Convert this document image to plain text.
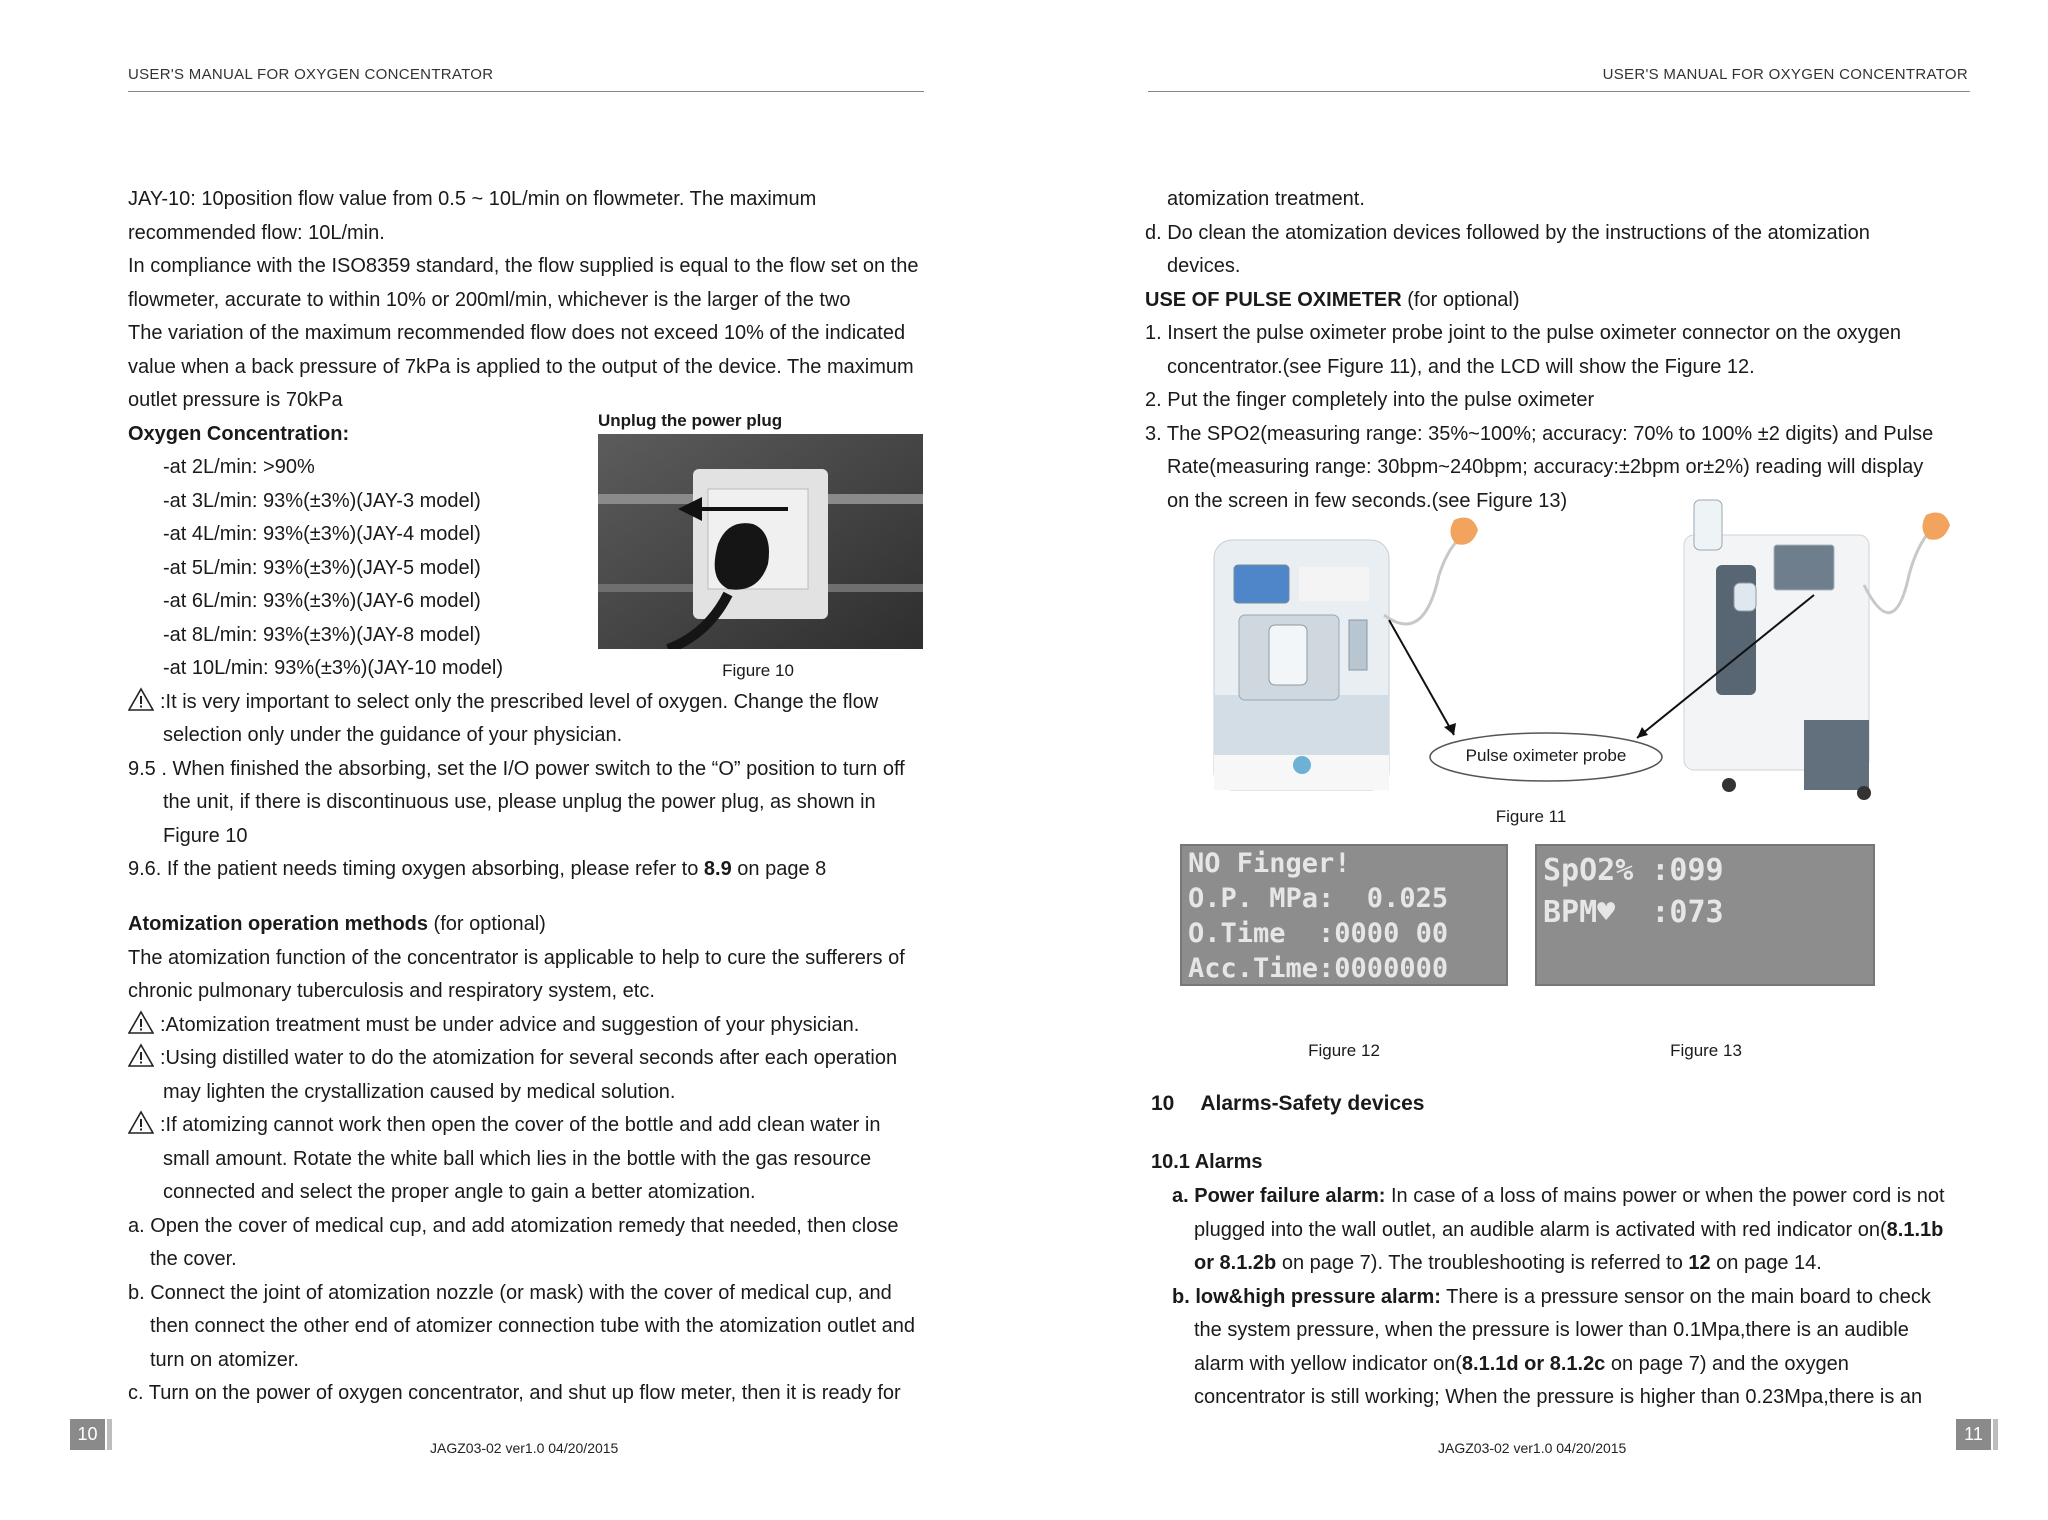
USER'S MANUAL FOR OXYGEN CONCENTRATOR

JAY-10: 10position flow value from 0.5 ~ 10L/min on flowmeter. The maximum

recommended flow: 10L/min.

In compliance with the ISO8359 standard, the flow supplied is equal to the flow set on the

flowmeter, accurate to within 10% or 200ml/min, whichever is the larger of the two

The variation of the maximum recommended flow does not exceed 10% of the indicated

value when a back pressure of 7kPa is applied to the output of the device. The maximum

outlet pressure is 70kPa

Oxygen Concentration:

-at 2L/min: >90%

-at 3L/min: 93%(±3%)(JAY-3 model)

-at 4L/min: 93%(±3%)(JAY-4 model)

-at 5L/min: 93%(±3%)(JAY-5 model)

-at 6L/min: 93%(±3%)(JAY-6 model)

-at 8L/min: 93%(±3%)(JAY-8 model)

-at 10L/min: 93%(±3%)(JAY-10 model)

:It is very important to select only the prescribed level of oxygen. Change the flow

selection only under the guidance of your physician.

9.5 . When finished the absorbing, set the I/O power switch to the “O” position to turn off

the unit, if there is discontinuous use, please unplug the power plug, as shown in

Figure 10

9.6. If the patient needs timing oxygen absorbing, please refer to 8.9 on page 8

Unplug the power plug
Figure 10

Atomization operation methods (for optional)

The atomization function of the concentrator is applicable to help to cure the sufferers of

chronic pulmonary tuberculosis and respiratory system, etc.

:Atomization treatment must be under advice and suggestion of your physician.

:Using distilled water to do the atomization for several seconds after each operation

may lighten the crystallization caused by medical solution.

:If atomizing cannot work then open the cover of the bottle and add clean water in

small amount. Rotate the white ball which lies in the bottle with the gas resource

connected and select the proper angle to gain a better atomization.

a. Open the cover of medical cup, and add atomization remedy that needed, then close

the cover.

b. Connect the joint of atomization nozzle (or mask) with the cover of medical cup, and

then connect the other end of atomizer connection tube with the atomization outlet and

turn on atomizer.

c. Turn on the power of oxygen concentrator, and shut up flow meter, then it is ready for

10
JAGZ03-02 ver1.0 04/20/2015
USER'S MANUAL FOR OXYGEN CONCENTRATOR

atomization treatment.

d. Do clean the atomization devices followed by the instructions of the atomization

devices.

USE OF PULSE OXIMETER (for optional)

1. Insert the pulse oximeter probe joint to the pulse oximeter connector on the oxygen

concentrator.(see Figure 11), and the LCD will show the Figure 12.

2. Put the finger completely into the pulse oximeter

3. The SPO2(measuring range: 35%~100%; accuracy: 70% to 100% ±2 digits) and Pulse

Rate(measuring range: 30bpm~240bpm; accuracy:±2bpm or±2%) reading will display

on the screen in few seconds.(see Figure 13)

Pulse oximeter probe
Figure 11
NO Finger!
O.P. MPa:  0.025
O.Time  :0000 00
Acc.Time:0000000
SpO2% :099
BPM♥  :073
Figure 12	Figure 13
10 Alarms-Safety devices
10.1 Alarms

a. Power failure alarm: In case of a loss of mains power or when the power cord is not

plugged into the wall outlet, an audible alarm is activated with red indicator on(8.1.1b

or 8.1.2b on page 7). The troubleshooting is referred to 12 on page 14.

b. low&high pressure alarm: There is a pressure sensor on the main board to check

the system pressure, when the pressure is lower than 0.1Mpa,there is an audible

alarm with yellow indicator on(8.1.1d or 8.1.2c on page 7) and the oxygen

concentrator is still working; When the pressure is higher than 0.23Mpa,there is an

JAGZ03-02 ver1.0 04/20/2015
11
